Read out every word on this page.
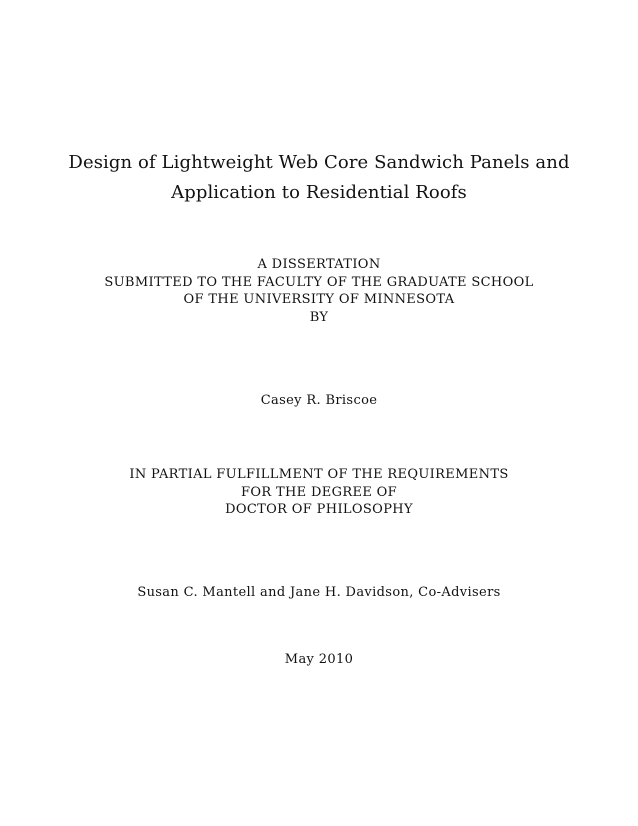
Design of Lightweight Web Core Sandwich Panels and
Application to Residential Roofs
A DISSERTATION
SUBMITTED TO THE FACULTY OF THE GRADUATE SCHOOL
OF THE UNIVERSITY OF MINNESOTA
BY
Casey R. Briscoe
IN PARTIAL FULFILLMENT OF THE REQUIREMENTS
FOR THE DEGREE OF
DOCTOR OF PHILOSOPHY
Susan C. Mantell and Jane H. Davidson, Co-Advisers
May 2010
